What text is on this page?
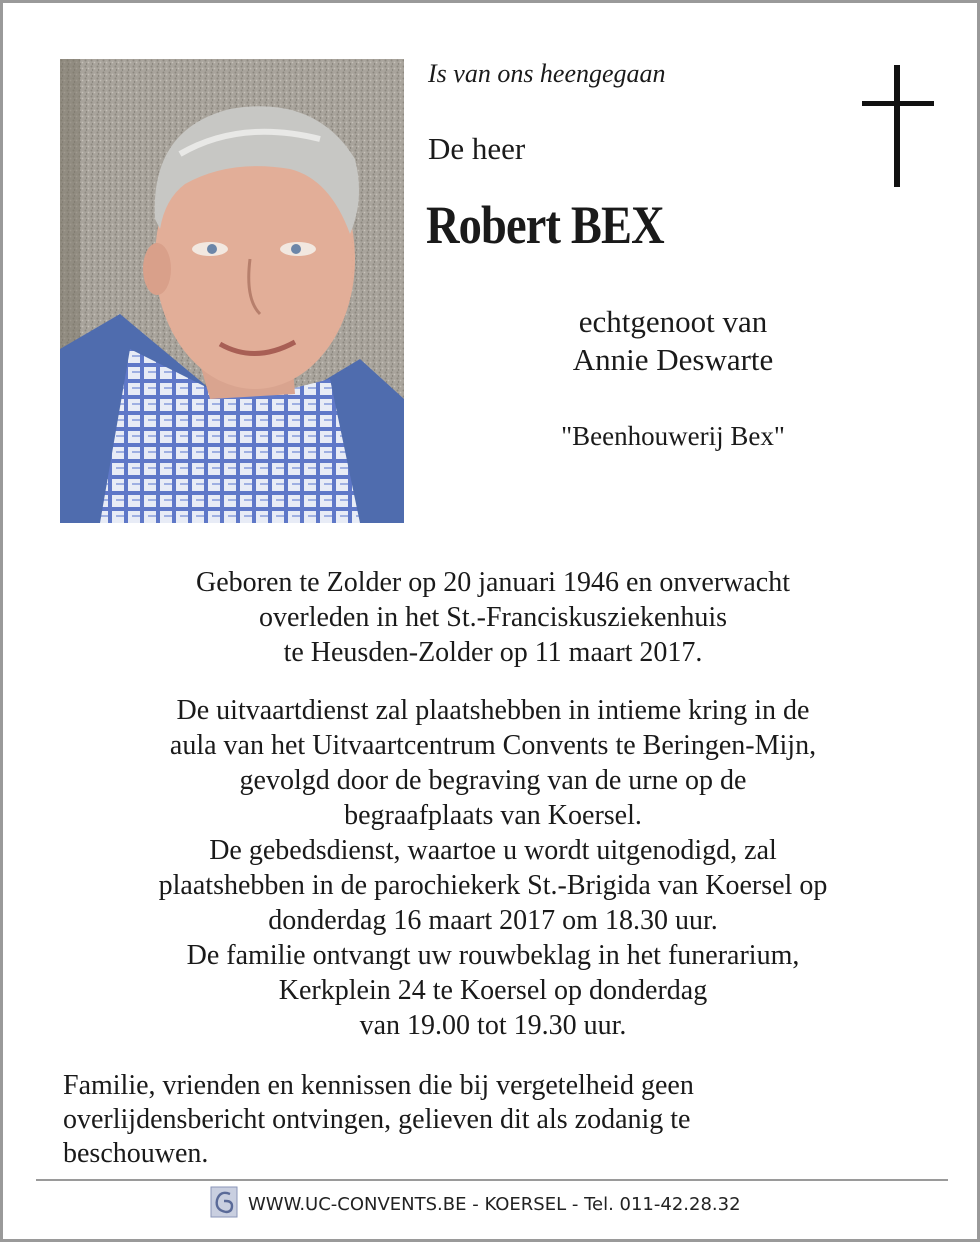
Is van ons heengegaan
De heer
Robert BEX
echtgenoot van
Annie Deswarte
"Beenhouwerij Bex"
Geboren te Zolder op 20 januari 1946 en onverwacht
overleden in het St.-Franciskusziekenhuis
te Heusden-Zolder op 11 maart 2017.
De uitvaartdienst zal plaatshebben in intieme kring in de
aula van het Uitvaartcentrum Convents te Beringen-Mijn,
gevolgd door de begraving van de urne op de
begraafplaats van Koersel.
De gebedsdienst, waartoe u wordt uitgenodigd, zal
plaatshebben in de parochiekerk St.-Brigida van Koersel op
donderdag 16 maart 2017 om 18.30 uur.
De familie ontvangt uw rouwbeklag in het funerarium,
Kerkplein 24 te Koersel op donderdag
van 19.00 tot 19.30 uur.
Familie, vrienden en kennissen die bij vergetelheid geen
overlijdensbericht ontvingen, gelieven dit als zodanig te
beschouwen.
WWW.UC-CONVENTS.BE - KOERSEL - Tel. 011-42.28.32
